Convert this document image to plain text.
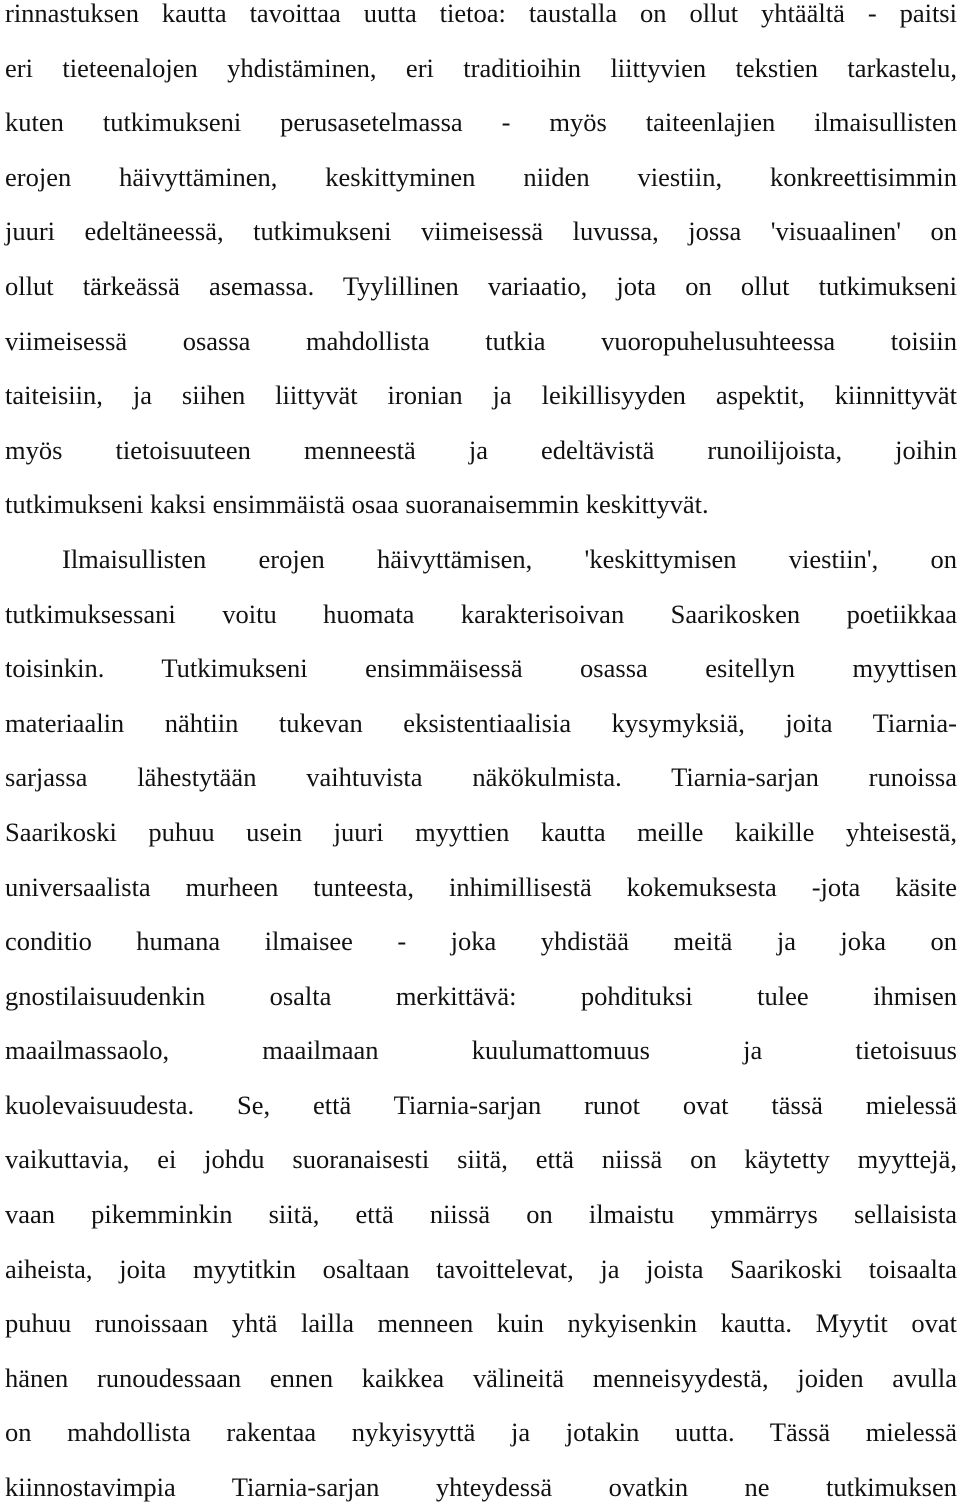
rinnastuksen kautta tavoittaa uutta tietoa: taustalla on ollut yhtäältä - paitsi
eri tieteenalojen yhdistäminen, eri traditioihin liittyvien tekstien tarkastelu,
kuten tutkimukseni perusasetelmassa - myös taiteenlajien ilmaisullisten
erojen häivyttäminen, keskittyminen niiden viestiin, konkreettisimmin
juuri edeltäneessä, tutkimukseni viimeisessä luvussa, jossa 'visuaalinen' on
ollut tärkeässä asemassa. Tyylillinen variaatio, jota on ollut tutkimukseni
viimeisessä osassa mahdollista tutkia vuoropuhelusuhteessa toisiin
taiteisiin, ja siihen liittyvät ironian ja leikillisyyden aspektit, kiinnittyvät
myös tietoisuuteen menneestä ja edeltävistä runoilijoista, joihin
tutkimukseni kaksi ensimmäistä osaa suoranaisemmin keskittyvät.
Ilmaisullisten erojen häivyttämisen, 'keskittymisen viestiin', on
tutkimuksessani voitu huomata karakterisoivan Saarikosken poetiikkaa
toisinkin. Tutkimukseni ensimmäisessä osassa esitellyn myyttisen
materiaalin nähtiin tukevan eksistentiaalisia kysymyksiä, joita Tiarnia-
sarjassa lähestytään vaihtuvista näkökulmista. Tiarnia-sarjan runoissa
Saarikoski puhuu usein juuri myyttien kautta meille kaikille yhteisestä,
universaalista murheen tunteesta, inhimillisestä kokemuksesta -jota käsite
conditio humana ilmaisee - joka yhdistää meitä ja joka on
gnostilaisuudenkin osalta merkittävä: pohdituksi tulee ihmisen
maailmassaolo, maailmaan kuulumattomuus ja tietoisuus
kuolevaisuudesta. Se, että Tiarnia-sarjan runot ovat tässä mielessä
vaikuttavia, ei johdu suoranaisesti siitä, että niissä on käytetty myyttejä,
vaan pikemminkin siitä, että niissä on ilmaistu ymmärrys sellaisista
aiheista, joita myytitkin osaltaan tavoittelevat, ja joista Saarikoski toisaalta
puhuu runoissaan yhtä lailla menneen kuin nykyisenkin kautta. Myytit ovat
hänen runoudessaan ennen kaikkea välineitä menneisyydestä, joiden avulla
on mahdollista rakentaa nykyisyyttä ja jotakin uutta. Tässä mielessä
kiinnostavimpia Tiarnia-sarjan yhteydessä ovatkin ne tutkimuksen
